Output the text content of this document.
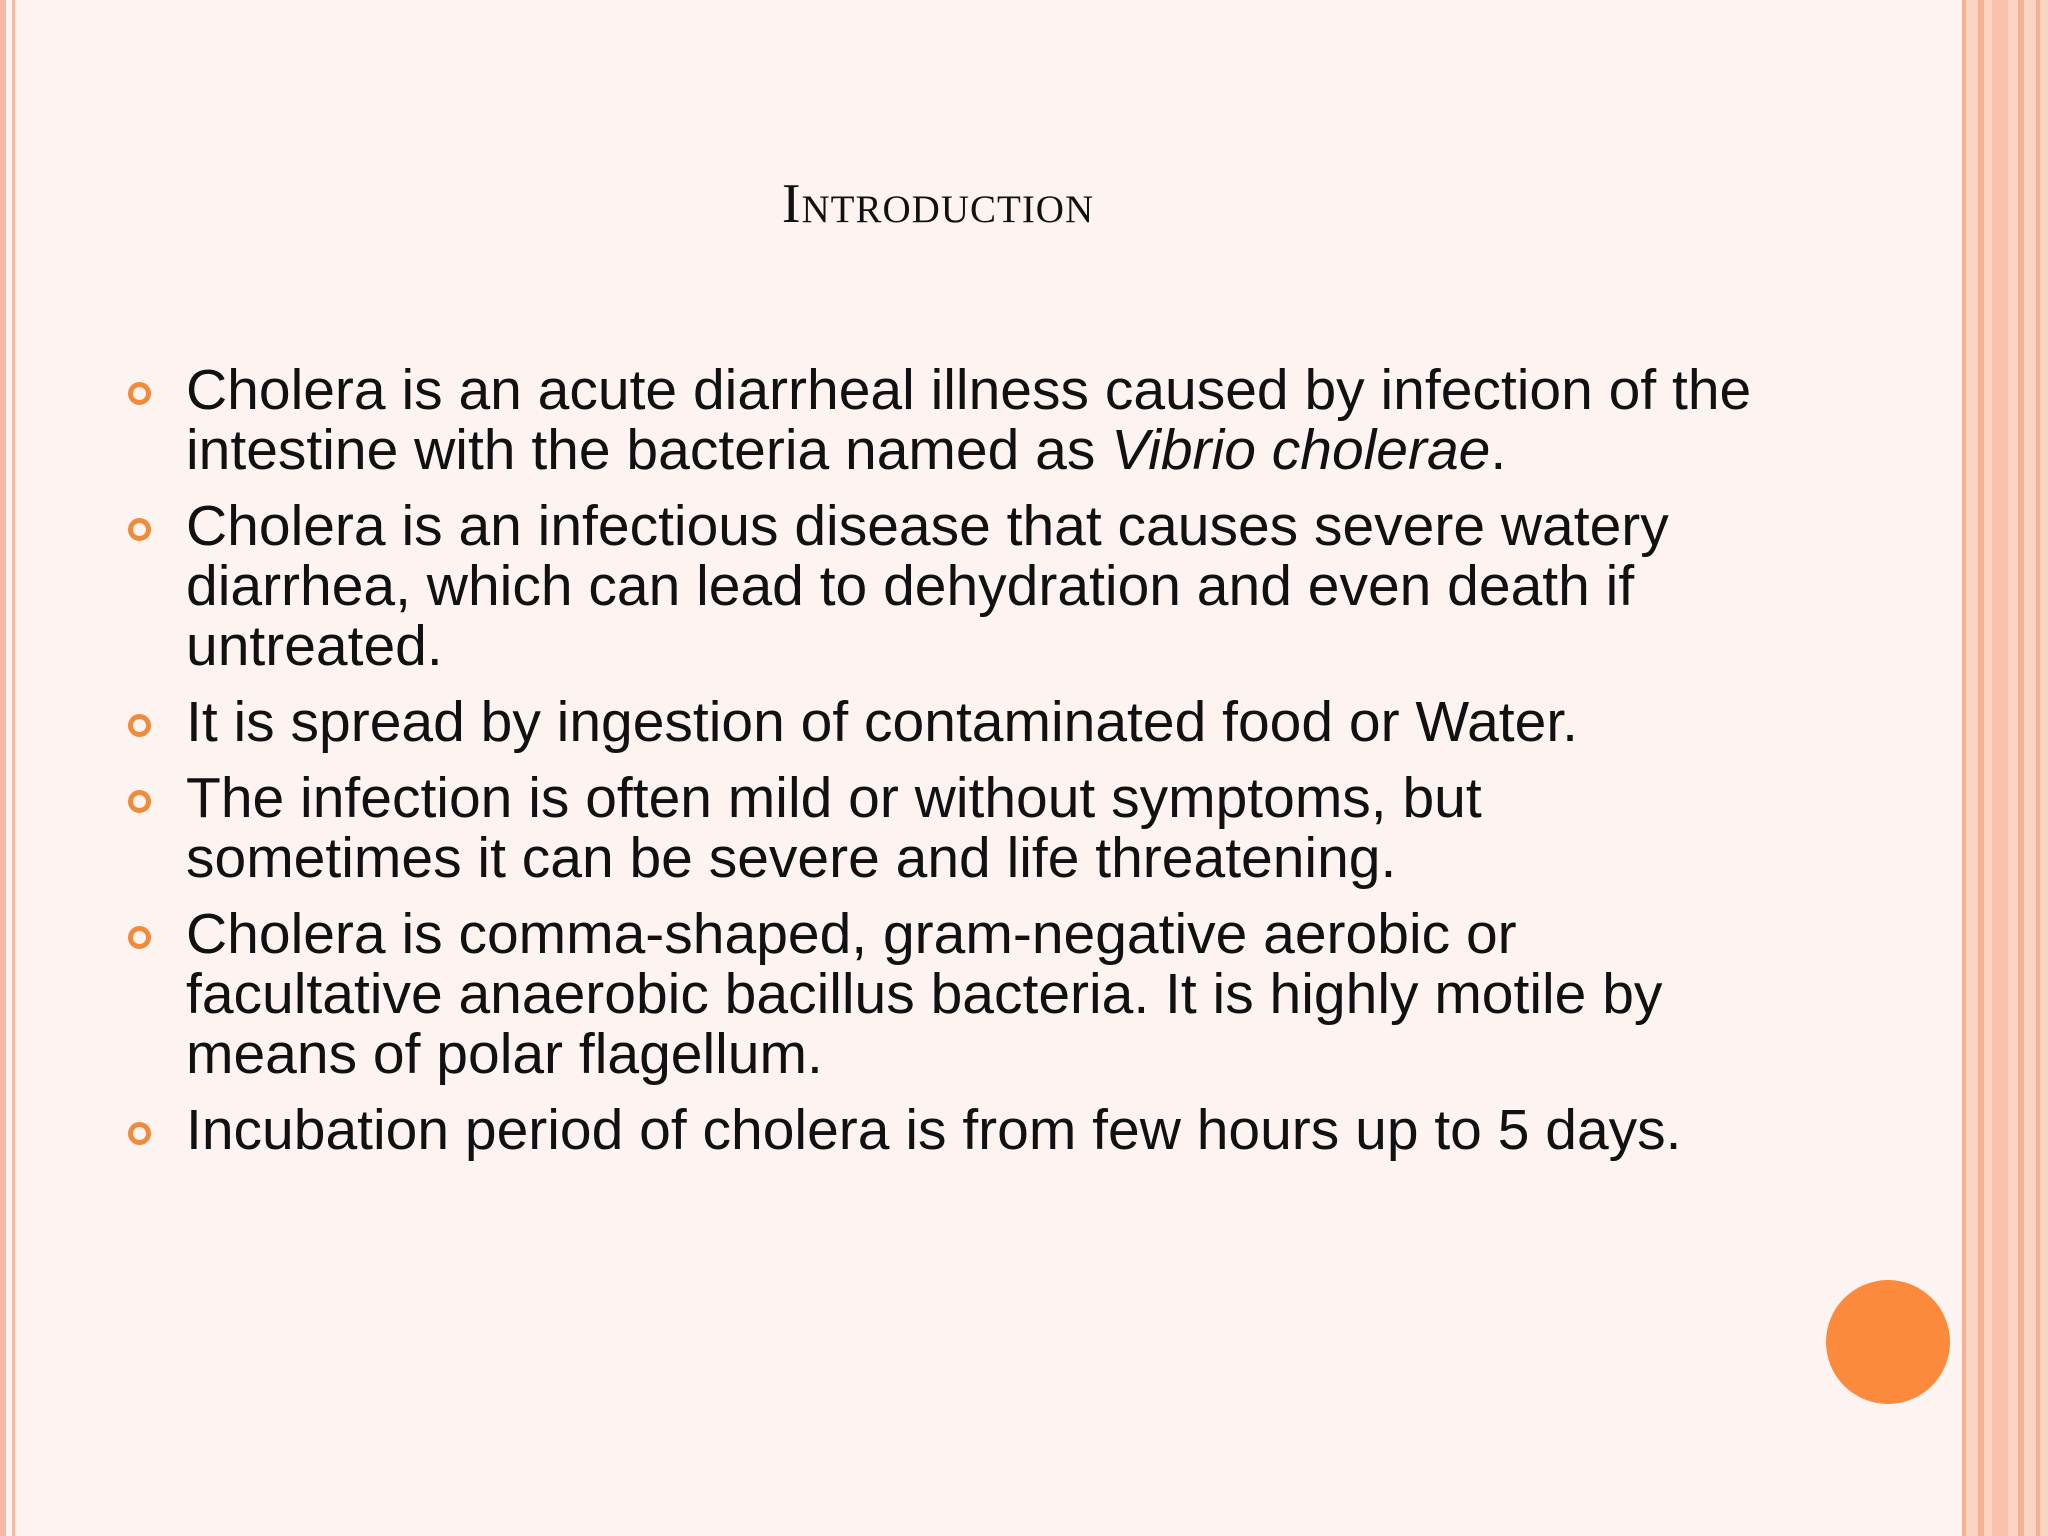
Introduction
Cholera is an acute diarrheal illness caused by infection of the intestine with the bacteria named as Vibrio cholerae.
Cholera is an infectious disease that causes severe watery diarrhea, which can lead to dehydration and even death if untreated.
It is spread by ingestion of contaminated food or Water.
The infection is often mild or without symptoms, but sometimes it can be severe and life threatening.
Cholera is comma-shaped, gram-negative aerobic or facultative anaerobic bacillus bacteria. It is highly motile by means of polar flagellum.
Incubation period of cholera is from few hours up to 5 days.
